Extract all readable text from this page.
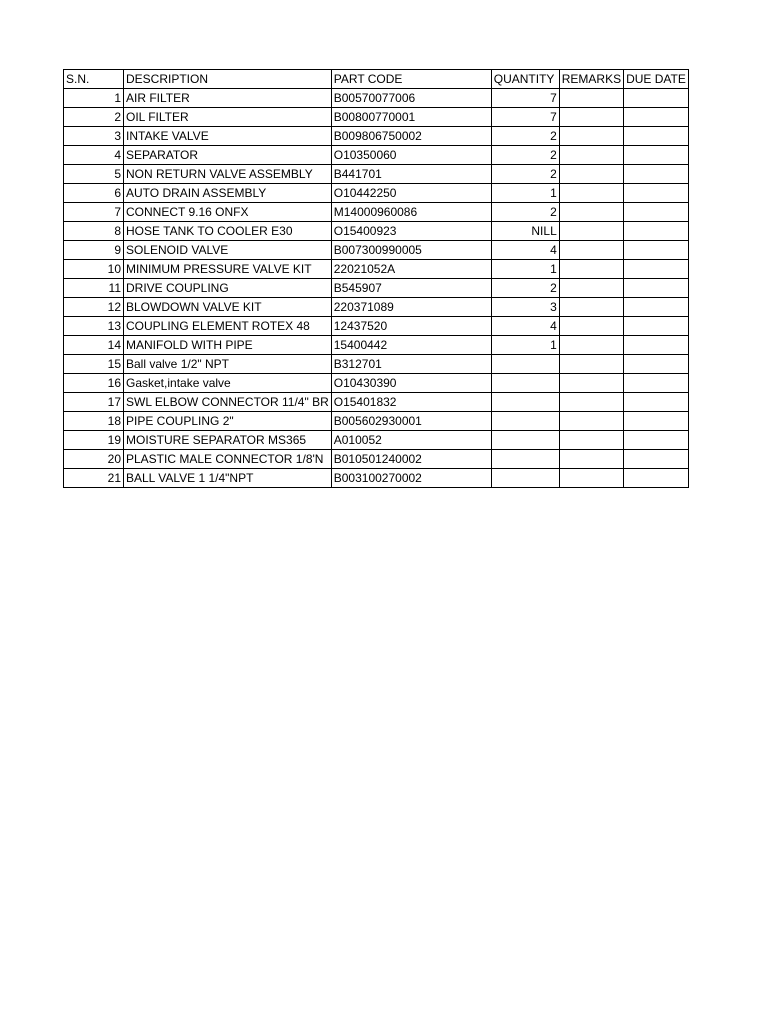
S.N.	DESCRIPTION	PART CODE	QUANTITY	REMARKS	DUE DATE
1	AIR FILTER	B00570077006	7		
2	OIL FILTER	B00800770001	7		
3	INTAKE VALVE	B009806750002	2		
4	SEPARATOR	O10350060	2		
5	NON RETURN VALVE ASSEMBLY	B441701	2		
6	AUTO DRAIN ASSEMBLY	O10442250	1		
7	CONNECT 9.16 ONFX	M14000960086	2		
8	HOSE TANK TO COOLER E30	O15400923	NILL		
9	SOLENOID VALVE	B007300990005	4		
10	MINIMUM PRESSURE VALVE KIT	22021052A	1		
11	DRIVE COUPLING	B545907	2		
12	BLOWDOWN VALVE KIT	220371089	3		
13	COUPLING ELEMENT ROTEX 48	12437520	4		
14	MANIFOLD WITH PIPE	15400442	1		
15	Ball valve 1/2" NPT	B312701			
16	Gasket,intake valve	O10430390			
17	SWL ELBOW CONNECTOR 11/4" BR	O15401832			
18	PIPE COUPLING 2"	B005602930001			
19	MOISTURE SEPARATOR MS365	A010052			
20	PLASTIC MALE CONNECTOR 1/8'N	B010501240002			
21	BALL VALVE 1 1/4"NPT	B003100270002			
